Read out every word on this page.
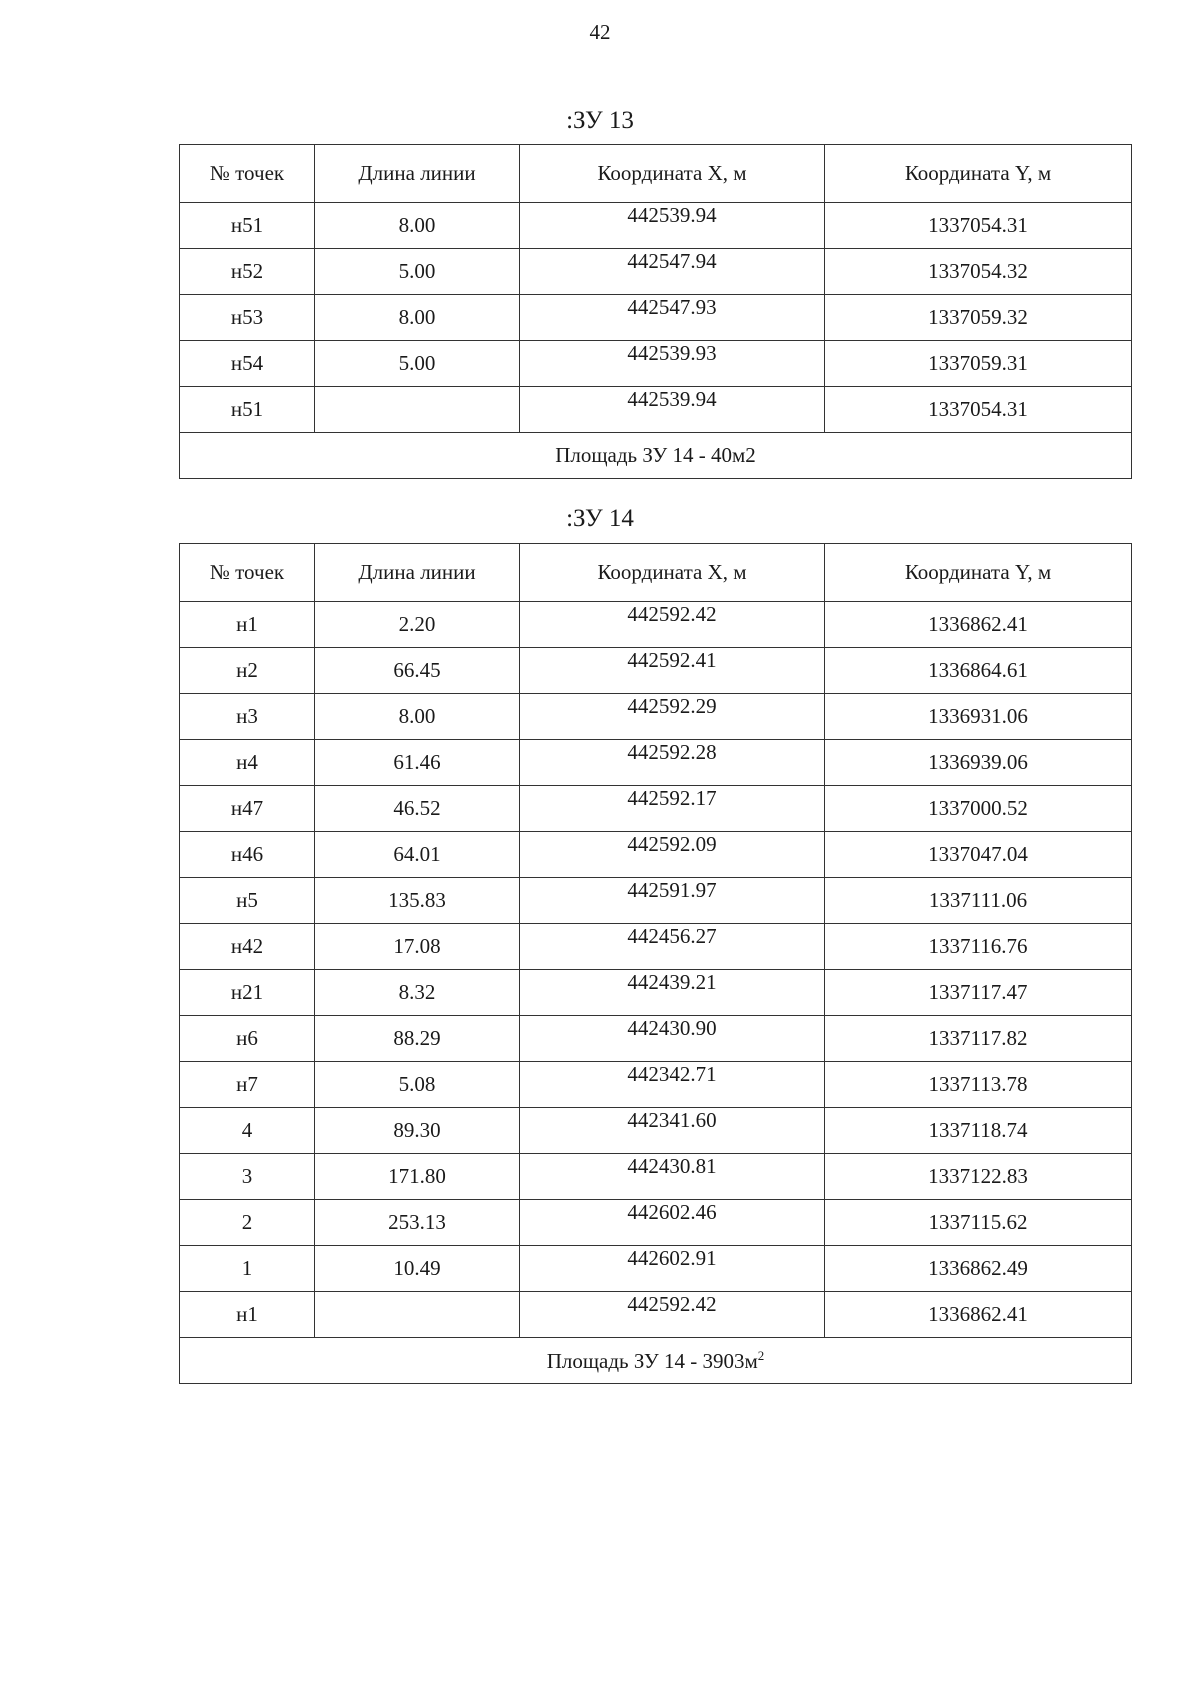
42
:ЗУ 13
№ точек	Длина линии	Координата X, м	Координата Y, м
н51	8.00	442539.94	1337054.31
н52	5.00	442547.94	1337054.32
н53	8.00	442547.93	1337059.32
н54	5.00	442539.93	1337059.31
н51		442539.94	1337054.31
Площадь ЗУ 14 - 40м2			
:ЗУ 14
№ точек	Длина линии	Координата X, м	Координата Y, м
н1	2.20	442592.42	1336862.41
н2	66.45	442592.41	1336864.61
н3	8.00	442592.29	1336931.06
н4	61.46	442592.28	1336939.06
н47	46.52	442592.17	1337000.52
н46	64.01	442592.09	1337047.04
н5	135.83	442591.97	1337111.06
н42	17.08	442456.27	1337116.76
н21	8.32	442439.21	1337117.47
н6	88.29	442430.90	1337117.82
н7	5.08	442342.71	1337113.78
4	89.30	442341.60	1337118.74
3	171.80	442430.81	1337122.83
2	253.13	442602.46	1337115.62
1	10.49	442602.91	1336862.49
н1		442592.42	1336862.41
Площадь ЗУ $14 - 3903м^2$
